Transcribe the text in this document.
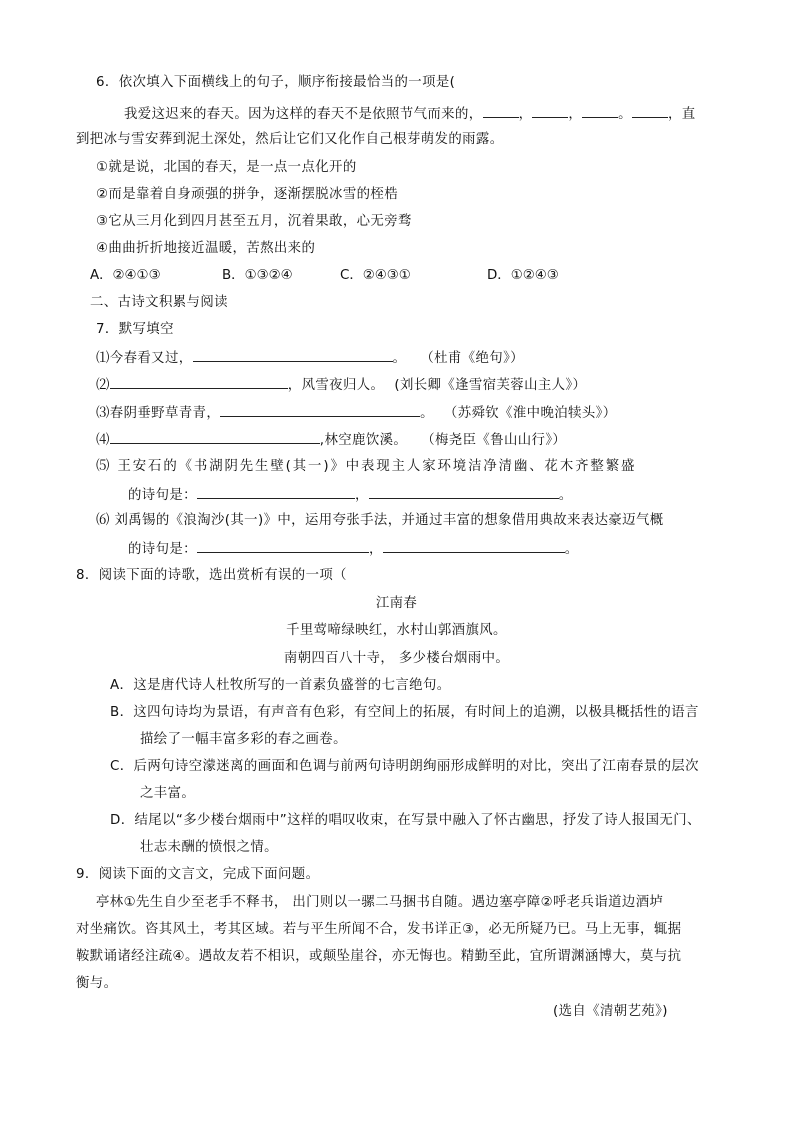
6．依次填入下面横线上的句子，顺序衔接最恰当的一项是(
我爱这迟来的春天。因为这样的春天不是依照节气而来的，	，	，	。	，直
到把冰与雪安葬到泥土深处，然后让它们又化作自己根芽萌发的雨露。
①就是说，北国的春天，是一点一点化开的
②而是靠着自身顽强的拼争，逐渐摆脱冰雪的桎梏
③它从三月化到四月甚至五月，沉着果敢，心无旁骛
④曲曲折折地接近温暖，苦熬出来的
A．②④①③	B．①③②④	C．②④③①	D．①②④③
二、古诗文积累与阅读
7．默写填空
⑴今春看又过，	。 （杜甫《绝句》）
⑵	，风雪夜归人。 (刘长卿《逢雪宿芙蓉山主人》）
⑶春阴垂野草青青，	。 （苏舜钦《淮中晚泊犊头》）
⑷	,林空鹿饮溪。 （梅尧臣《鲁山山行》）
⑸ 王安石的《书湖阴先生壁(其一)》中表现主人家环境洁净清幽、花木齐整繁盛
的诗句是：	，	。
⑹ 刘禹锡的《浪淘沙(其一)》中，运用夸张手法，并通过丰富的想象借用典故来表达豪迈气概
的诗句是：	，	。
8．阅读下面的诗歌，选出赏析有误的一项（
江南春
千里莺啼绿映红，水村山郭酒旗风。
南朝四百八十寺， 多少楼台烟雨中。
A．这是唐代诗人杜牧所写的一首素负盛誉的七言绝句。
B．这四句诗均为景语，有声音有色彩，有空间上的拓展，有时间上的追溯，以极具概括性的语言
描绘了一幅丰富多彩的春之画卷。
C．后两句诗空濛迷离的画面和色调与前两句诗明朗绚丽形成鲜明的对比，突出了江南春景的层次
之丰富。
D．结尾以“多少楼台烟雨中”这样的唱叹收束，在写景中融入了怀古幽思，抒发了诗人报国无门、
壮志未酬的愤恨之情。
9．阅读下面的文言文，完成下面问题。
亭林①先生自少至老手不释书， 出门则以一骡二马捆书自随。遇边塞亭障②呼老兵诣道边酒垆
对坐痛饮。咨其风土，考其区域。若与平生所闻不合，发书详正③，必无所疑乃已。马上无事，辄据
鞍默诵诸经注疏④。遇故友若不相识，或颠坠崖谷，亦无悔也。精勤至此，宜所谓渊涵博大，莫与抗
衡与。
(选自《清朝艺苑》)
